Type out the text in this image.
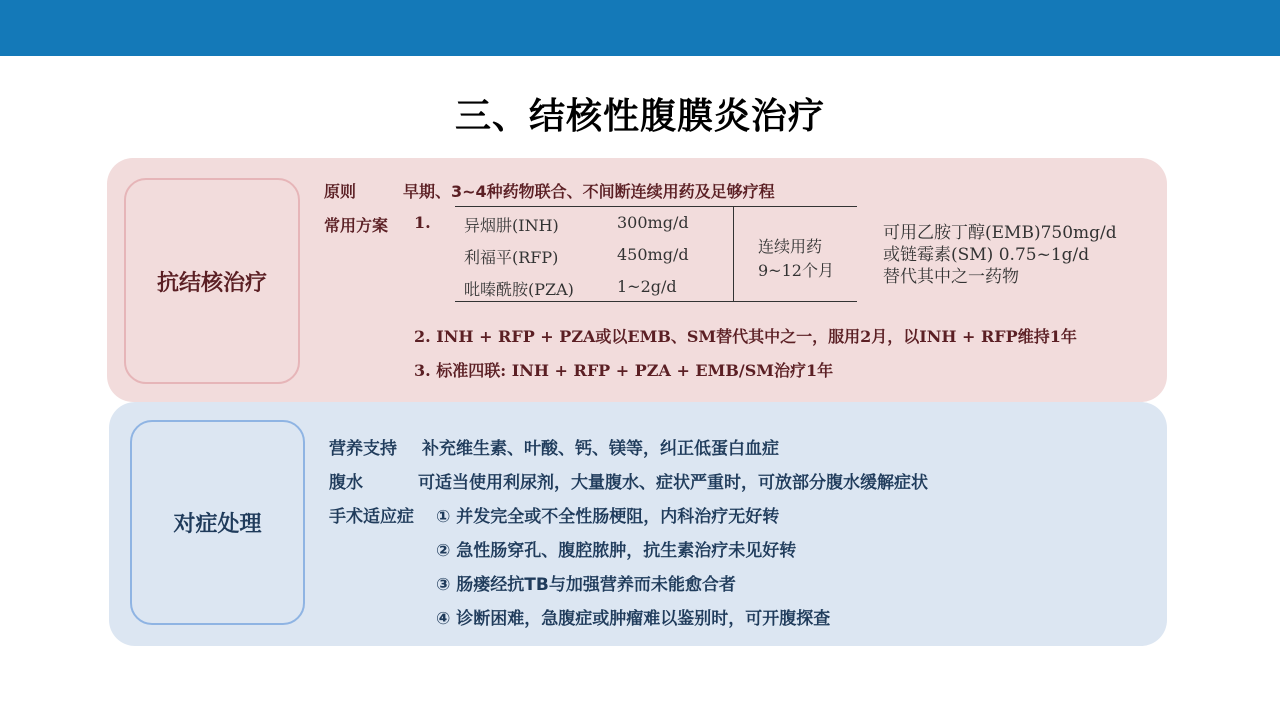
三、结核性腹膜炎治疗
抗结核治疗
原则	早期、3~4种药物联合、不间断连续用药及足够疗程
常用方案 1. 异烟肼(INH)	300mg/d
利福平(RFP)	450mg/d
吡嗪酰胺(PZA)	1~2g/d
连续用药
9~12个月
可用乙胺丁醇(EMB)750mg/d
或链霉素(SM) 0.75~1g/d
替代其中之一药物
2. INH + RFP + PZA或以EMB、SM替代其中之一，服用2月，以INH + RFP维持1年
3. 标准四联: INH + RFP + PZA + EMB/SM治疗1年
对症处理
营养支持 补充维生素、叶酸、钙、镁等，纠正低蛋白血症
腹水	可适当使用利尿剂，大量腹水、症状严重时，可放部分腹水缓解症状
手术适应症 ① 并发完全或不全性肠梗阻，内科治疗无好转
② 急性肠穿孔、腹腔脓肿，抗生素治疗未见好转
③ 肠瘘经抗TB与加强营养而未能愈合者
④ 诊断困难，急腹症或肿瘤难以鉴别时，可开腹探查
